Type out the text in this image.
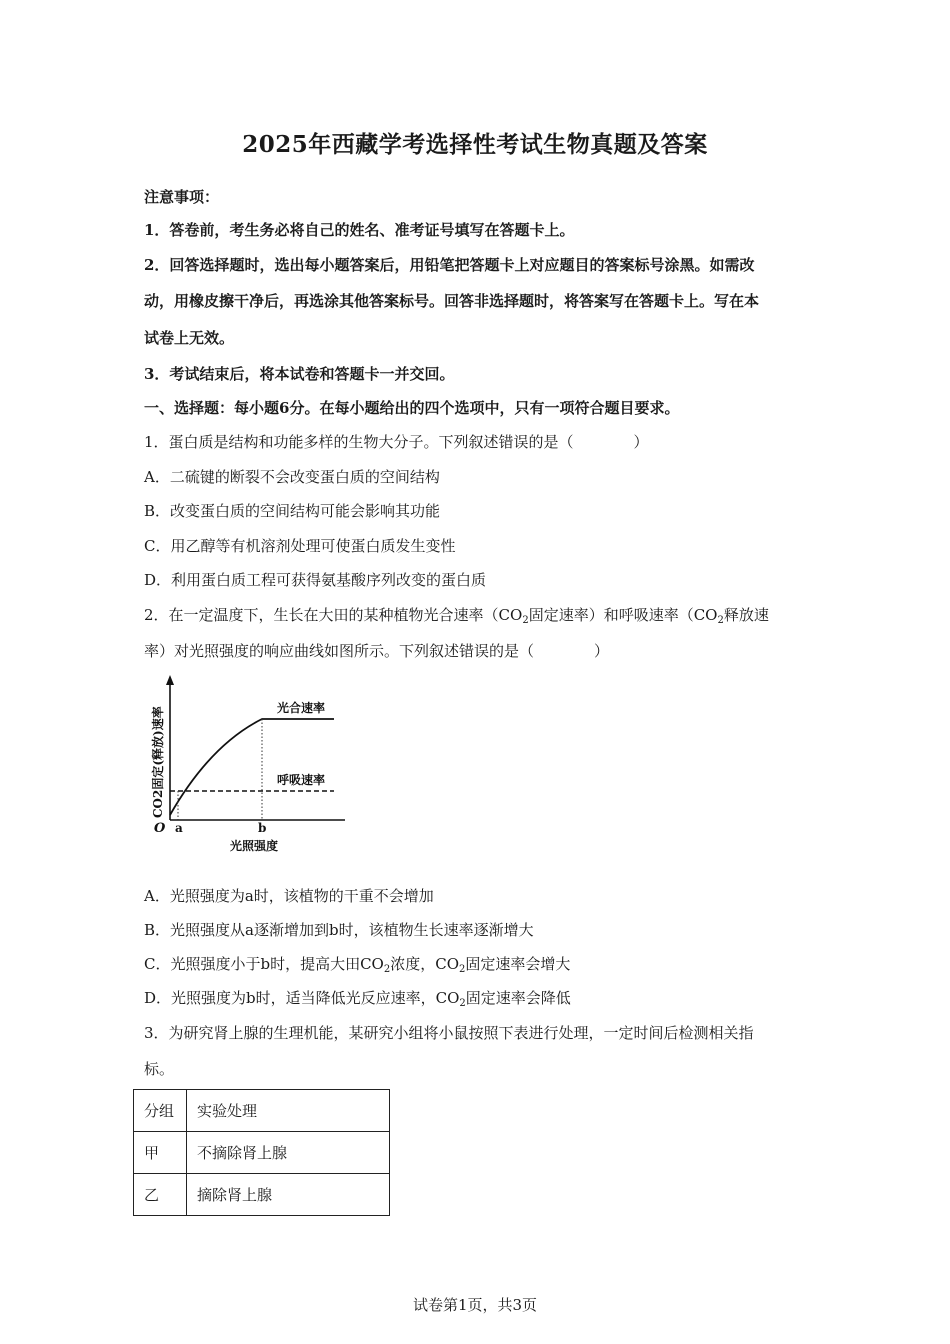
2025年西藏学考选择性考试生物真题及答案
注意事项：
1．答卷前，考生务必将自己的姓名、准考证号填写在答题卡上。
2．回答选择题时，选出每小题答案后，用铅笔把答题卡上对应题目的答案标号涂黑。如需改
动，用橡皮擦干净后，再选涂其他答案标号。回答非选择题时，将答案写在答题卡上。写在本
试卷上无效。
3．考试结束后，将本试卷和答题卡一并交回。
一、选择题：每小题6分。在每小题给出的四个选项中，只有一项符合题目要求。
1．蛋白质是结构和功能多样的生物大分子。下列叙述错误的是（　　　　）
A．二硫键的断裂不会改变蛋白质的空间结构
B．改变蛋白质的空间结构可能会影响其功能
C．用乙醇等有机溶剂处理可使蛋白质发生变性
D．利用蛋白质工程可获得氨基酸序列改变的蛋白质
2．在一定温度下，生长在大田的某种植物光合速率（$CO_2$固定速率）和呼吸速率（$CO_2$释放速
率）对光照强度的响应曲线如图所示。下列叙述错误的是（　　　　）
光合速率
呼吸速率
O a	b
光照强度
CO2固定(释放)速率
A．光照强度为a时，该植物的干重不会增加
B．光照强度从a逐渐增加到b时，该植物生长速率逐渐增大
C．光照强度小于b时，提高大田$CO_2$浓度，$CO_2$固定速率会增大
D．光照强度为b时，适当降低光反应速率，$CO_2$固定速率会降低
3．为研究肾上腺的生理机能，某研究小组将小鼠按照下表进行处理，一定时间后检测相关指
标。
分组	实验处理
甲	不摘除肾上腺
乙	摘除肾上腺
试卷第1页，共3页
